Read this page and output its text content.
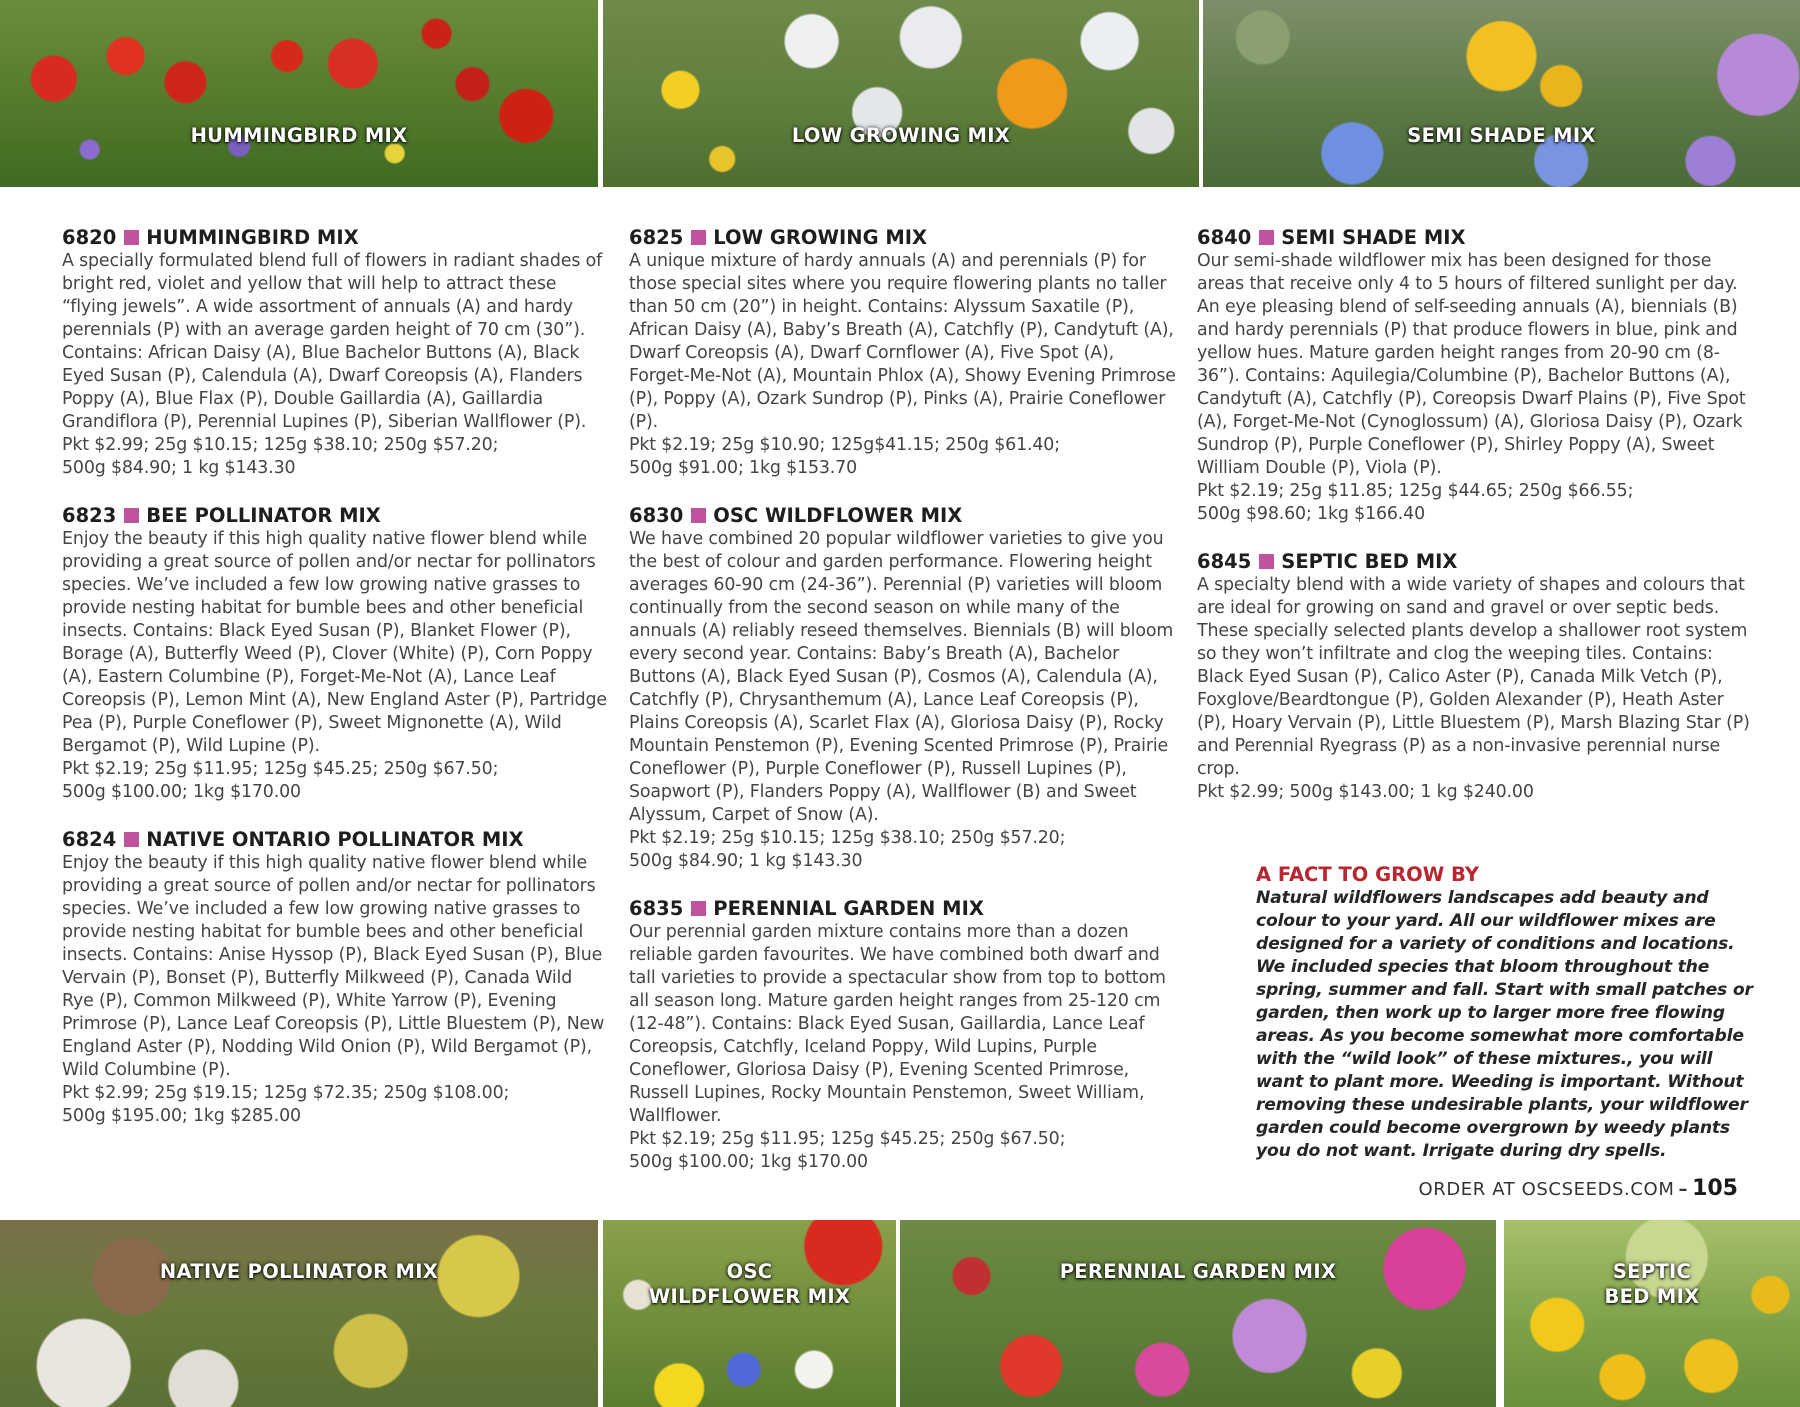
HUMMINGBIRD MIX	LOW GROWING MIX	SEMI SHADE MIX
6820 HUMMINGBIRD MIX
A specially formulated blend full of flowers in radiant shades of bright red, violet and yellow that will help to attract these “flying jewels”. A wide assortment of annuals (A) and hardy perennials (P) with an average garden height of 70 cm (30”). Contains: African Daisy (A), Blue Bachelor Buttons (A), Black Eyed Susan (P), Calendula (A), Dwarf Coreopsis (A), Flanders Poppy (A), Blue Flax (P), Double Gaillardia (A), Gaillardia Grandiflora (P), Perennial Lupines (P), Siberian Wallflower (P).
Pkt $2.99; 25g $10.15; 125g $38.10; 250g $57.20;
500g $84.90; 1 kg $143.30
6823 BEE POLLINATOR MIX
Enjoy the beauty if this high quality native flower blend while providing a great source of pollen and/or nectar for pollinators species. We’ve included a few low growing native grasses to provide nesting habitat for bumble bees and other beneficial insects. Contains: Black Eyed Susan (P), Blanket Flower (P), Borage (A), Butterfly Weed (P), Clover (White) (P), Corn Poppy (A), Eastern Columbine (P), Forget-Me-Not (A), Lance Leaf Coreopsis (P), Lemon Mint (A), New England Aster (P), Partridge Pea (P), Purple Coneflower (P), Sweet Mignonette (A), Wild Bergamot (P), Wild Lupine (P).
Pkt $2.19; 25g $11.95; 125g $45.25; 250g $67.50;
500g $100.00; 1kg $170.00
6824 NATIVE ONTARIO POLLINATOR MIX
Enjoy the beauty if this high quality native flower blend while providing a great source of pollen and/or nectar for pollinators species. We’ve included a few low growing native grasses to provide nesting habitat for bumble bees and other beneficial insects. Contains: Anise Hyssop (P), Black Eyed Susan (P), Blue Vervain (P), Bonset (P), Butterfly Milkweed (P), Canada Wild Rye (P), Common Milkweed (P), White Yarrow (P), Evening Primrose (P), Lance Leaf Coreopsis (P), Little Bluestem (P), New England Aster (P), Nodding Wild Onion (P), Wild Bergamot (P), Wild Columbine (P).
Pkt $2.99; 25g $19.15; 125g $72.35; 250g $108.00;
500g $195.00; 1kg $285.00
6825 LOW GROWING MIX
A unique mixture of hardy annuals (A) and perennials (P) for those special sites where you require flowering plants no taller than 50 cm (20”) in height. Contains: Alyssum Saxatile (P), African Daisy (A), Baby’s Breath (A), Catchfly (P), Candytuft (A), Dwarf Coreopsis (A), Dwarf Cornflower (A), Five Spot (A), Forget-Me-Not (A), Mountain Phlox (A), Showy Evening Primrose (P), Poppy (A), Ozark Sundrop (P), Pinks (A), Prairie Coneflower (P).
Pkt $2.19; 25g $10.90; 125g$41.15; 250g $61.40;
500g $91.00; 1kg $153.70
6830 OSC WILDFLOWER MIX
We have combined 20 popular wildflower varieties to give you the best of colour and garden performance. Flowering height averages 60-90 cm (24-36”). Perennial (P) varieties will bloom continually from the second season on while many of the annuals (A) reliably reseed themselves. Biennials (B) will bloom every second year. Contains: Baby’s Breath (A), Bachelor Buttons (A), Black Eyed Susan (P), Cosmos (A), Calendula (A), Catchfly (P), Chrysanthemum (A), Lance Leaf Coreopsis (P), Plains Coreopsis (A), Scarlet Flax (A), Gloriosa Daisy (P), Rocky Mountain Penstemon (P), Evening Scented Primrose (P), Prairie Coneflower (P), Purple Coneflower (P), Russell Lupines (P), Soapwort (P), Flanders Poppy (A), Wallflower (B) and Sweet Alyssum, Carpet of Snow (A).
Pkt $2.19; 25g $10.15; 125g $38.10; 250g $57.20;
500g $84.90; 1 kg $143.30
6835 PERENNIAL GARDEN MIX
Our perennial garden mixture contains more than a dozen reliable garden favourites. We have combined both dwarf and tall varieties to provide a spectacular show from top to bottom all season long. Mature garden height ranges from 25-120 cm (12-48”). Contains: Black Eyed Susan, Gaillardia, Lance Leaf Coreopsis, Catchfly, Iceland Poppy, Wild Lupins, Purple Coneflower, Gloriosa Daisy (P), Evening Scented Primrose, Russell Lupines, Rocky Mountain Penstemon, Sweet William, Wallflower.
Pkt $2.19; 25g $11.95; 125g $45.25; 250g $67.50;
500g $100.00; 1kg $170.00
6840 SEMI SHADE MIX
Our semi-shade wildflower mix has been designed for those areas that receive only 4 to 5 hours of filtered sunlight per day. An eye pleasing blend of self-seeding annuals (A), biennials (B) and hardy perennials (P) that produce flowers in blue, pink and yellow hues. Mature garden height ranges from 20-90 cm (8-36”). Contains: Aquilegia/Columbine (P), Bachelor Buttons (A), Candytuft (A), Catchfly (P), Coreopsis Dwarf Plains (P), Five Spot (A), Forget-Me-Not (Cynoglossum) (A), Gloriosa Daisy (P), Ozark Sundrop (P), Purple Coneflower (P), Shirley Poppy (A), Sweet William Double (P), Viola (P).
Pkt $2.19; 25g $11.85; 125g $44.65; 250g $66.55;
500g $98.60; 1kg $166.40
6845 SEPTIC BED MIX
A specialty blend with a wide variety of shapes and colours that are ideal for growing on sand and gravel or over septic beds. These specially selected plants develop a shallower root system so they won’t infiltrate and clog the weeping tiles. Contains: Black Eyed Susan (P), Calico Aster (P), Canada Milk Vetch (P), Foxglove/Beardtongue (P), Golden Alexander (P), Heath Aster (P), Hoary Vervain (P), Little Bluestem (P), Marsh Blazing Star (P) and Perennial Ryegrass (P) as a non-invasive perennial nurse crop.
Pkt $2.99; 500g $143.00; 1 kg $240.00
A FACT TO GROW BY
Natural wildflowers landscapes add beauty and colour to your yard. All our wildflower mixes are designed for a variety of conditions and locations. We included species that bloom throughout the spring, summer and fall. Start with small patches or garden, then work up to larger more free flowing areas. As you become somewhat more comfortable with the “wild look” of these mixtures., you will want to plant more. Weeding is important. Without removing these undesirable plants, your wildflower garden could become overgrown by weedy plants you do not want. Irrigate during dry spells.
ORDER AT OSCSEEDS.COM – 105
NATIVE POLLINATOR MIX	OSC
WILDFLOWER MIX
PERENNIAL GARDEN MIX	SEPTIC
BED MIX
